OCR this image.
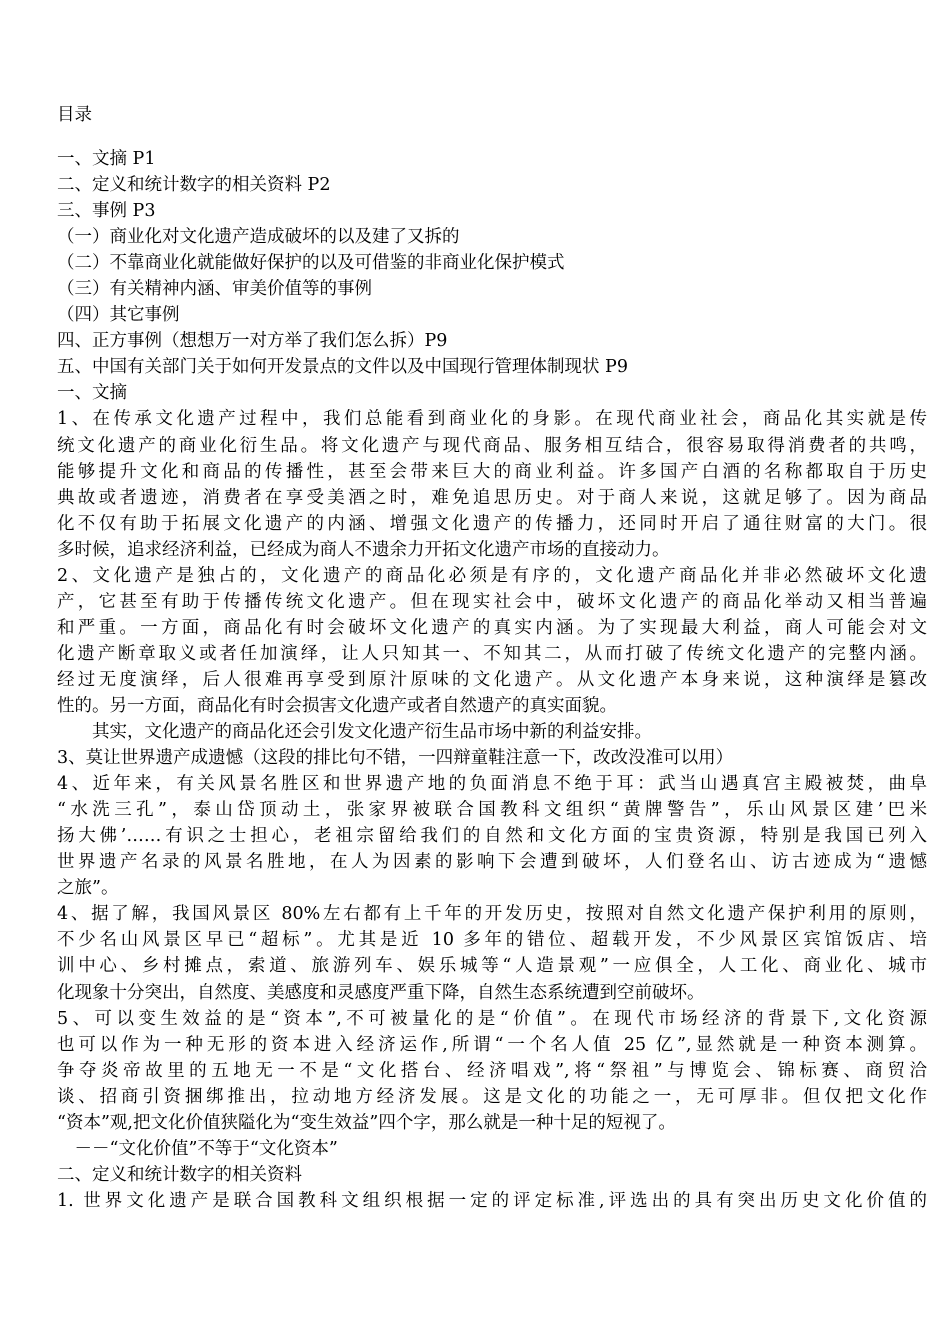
目录
一、文摘 P1
二、定义和统计数字的相关资料 P2
三、事例 P3
（一）商业化对文化遗产造成破坏的以及建了又拆的
（二）不靠商业化就能做好保护的以及可借鉴的非商业化保护模式
（三）有关精神内涵、审美价值等的事例
（四）其它事例
四、正方事例（想想万一对方举了我们怎么拆）P9
五、中国有关部门关于如何开发景点的文件以及中国现行管理体制现状 P9
一、文摘
1、在传承文化遗产过程中，我们总能看到商业化的身影。在现代商业社会，商品化其实就是传
统文化遗产的商业化衍生品。将文化遗产与现代商品、服务相互结合，很容易取得消费者的共鸣，
能够提升文化和商品的传播性，甚至会带来巨大的商业利益。许多国产白酒的名称都取自于历史
典故或者遗迹，消费者在享受美酒之时，难免追思历史。对于商人来说，这就足够了。因为商品
化不仅有助于拓展文化遗产的内涵、增强文化遗产的传播力，还同时开启了通往财富的大门。很
多时候，追求经济利益，已经成为商人不遗余力开拓文化遗产市场的直接动力。
2、文化遗产是独占的，文化遗产的商品化必须是有序的，文化遗产商品化并非必然破坏文化遗
产，它甚至有助于传播传统文化遗产。但在现实社会中，破坏文化遗产的商品化举动又相当普遍
和严重。一方面，商品化有时会破坏文化遗产的真实内涵。为了实现最大利益，商人可能会对文
化遗产断章取义或者任加演绎，让人只知其一、不知其二，从而打破了传统文化遗产的完整内涵。
经过无度演绎，后人很难再享受到原汁原味的文化遗产。从文化遗产本身来说，这种演绎是篡改
性的。另一方面，商品化有时会损害文化遗产或者自然遗产的真实面貌。
　　其实，文化遗产的商品化还会引发文化遗产衍生品市场中新的利益安排。
3、莫让世界遗产成遗憾（这段的排比句不错，一四辩童鞋注意一下，改改没准可以用）
4、近年来，有关风景名胜区和世界遗产地的负面消息不绝于耳：武当山遇真宫主殿被焚，曲阜
“水洗三孔”，泰山岱顶动土，张家界被联合国教科文组织“黄牌警告”，乐山风景区建’巴米
扬大佛’……有识之士担心，老祖宗留给我们的自然和文化方面的宝贵资源，特别是我国已列入
世界遗产名录的风景名胜地，在人为因素的影响下会遭到破坏，人们登名山、访古迹成为“遗憾
之旅”。
4、据了解，我国风景区 80%左右都有上千年的开发历史，按照对自然文化遗产保护利用的原则，
不少名山风景区早已“超标”。尤其是近 10 多年的错位、超载开发，不少风景区宾馆饭店、培
训中心、乡村摊点，索道、旅游列车、娱乐城等“人造景观”一应俱全，人工化、商业化、城市
化现象十分突出，自然度、美感度和灵感度严重下降，自然生态系统遭到空前破坏。
5、可以变生效益的是“资本”,不可被量化的是“价值”。在现代市场经济的背景下,文化资源
也可以作为一种无形的资本进入经济运作,所谓“一个名人值 25 亿”,显然就是一种资本测算。
争夺炎帝故里的五地无一不是“文化搭台、经济唱戏”,将“祭祖”与博览会、锦标赛、商贸洽
谈、招商引资捆绑推出，拉动地方经济发展。这是文化的功能之一，无可厚非。但仅把文化作
“资本”观,把文化价值狭隘化为“变生效益”四个字，那么就是一种十足的短视了。
　－－“文化价值”不等于“文化资本”
二、定义和统计数字的相关资料
1. 世界文化遗产是联合国教科文组织根据一定的评定标准,评选出的具有突出历史文化价值的
